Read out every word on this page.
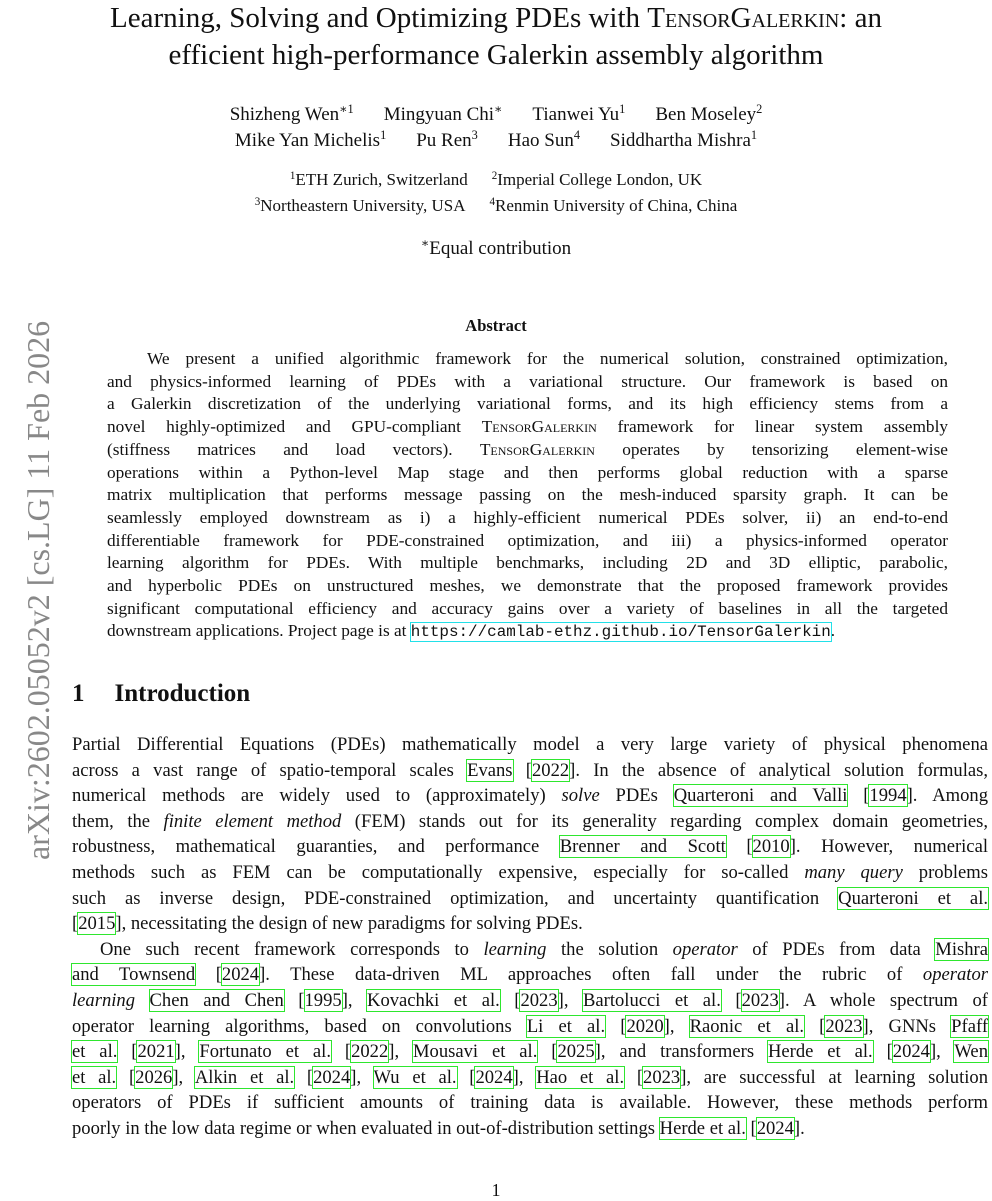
arXiv:2602.05052v2 [cs.LG] 11 Feb 2026
Learning, Solving and Optimizing PDEs with TensorGalerkin: an
efficient high-performance Galerkin assembly algorithm
Shizheng Wen$^{∗1}$ Mingyuan Chi∗ Tianwei Yu$^1$ Ben Moseley$^2$
Mike Yan Michelis$^1$ Pu Ren$^3$ Hao Sun$^4$ Siddhartha Mishra$^1$
$^1$ETH Zurich, Switzerland $^2$Imperial College London, UK
$^3$Northeastern University, USA $^4$Renmin University of China, China
∗Equal contribution
Abstract
We present a unified algorithmic framework for the numerical solution, constrained optimization,
and physics-informed learning of PDEs with a variational structure. Our framework is based on
a Galerkin discretization of the underlying variational forms, and its high efficiency stems from a
novel highly-optimized and GPU-compliant TensorGalerkin framework for linear system assembly
(stiffness matrices and load vectors). TensorGalerkin operates by tensorizing element-wise
operations within a Python-level Map stage and then performs global reduction with a sparse
matrix multiplication that performs message passing on the mesh-induced sparsity graph. It can be
seamlessly employed downstream as i) a highly-efficient numerical PDEs solver, ii) an end-to-end
differentiable framework for PDE-constrained optimization, and iii) a physics-informed operator
learning algorithm for PDEs. With multiple benchmarks, including 2D and 3D elliptic, parabolic,
and hyperbolic PDEs on unstructured meshes, we demonstrate that the proposed framework provides
significant computational efficiency and accuracy gains over a variety of baselines in all the targeted
downstream applications. Project page is at https://camlab-ethz.github.io/TensorGalerkin.
1 Introduction
Partial Differential Equations (PDEs) mathematically model a very large variety of physical phenomena
across a vast range of spatio-temporal scales Evans [2022]. In the absence of analytical solution formulas,
numerical methods are widely used to (approximately) solve PDEs Quarteroni and Valli [1994]. Among
them, the finite element method (FEM) stands out for its generality regarding complex domain geometries,
robustness, mathematical guaranties, and performance Brenner and Scott [2010]. However, numerical
methods such as FEM can be computationally expensive, especially for so-called many query problems
such as inverse design, PDE-constrained optimization, and uncertainty quantification Quarteroni et al.
[2015], necessitating the design of new paradigms for solving PDEs.
One such recent framework corresponds to learning the solution operator of PDEs from data Mishra
and Townsend [2024]. These data-driven ML approaches often fall under the rubric of operator
learning Chen and Chen [1995], Kovachki et al. [2023], Bartolucci et al. [2023]. A whole spectrum of
operator learning algorithms, based on convolutions Li et al. [2020], Raonic et al. [2023], GNNs Pfaff
et al. [2021], Fortunato et al. [2022], Mousavi et al. [2025], and transformers Herde et al. [2024], Wen
et al. [2026], Alkin et al. [2024], Wu et al. [2024], Hao et al. [2023], are successful at learning solution
operators of PDEs if sufficient amounts of training data is available. However, these methods perform
poorly in the low data regime or when evaluated in out-of-distribution settings Herde et al. [2024].
1
